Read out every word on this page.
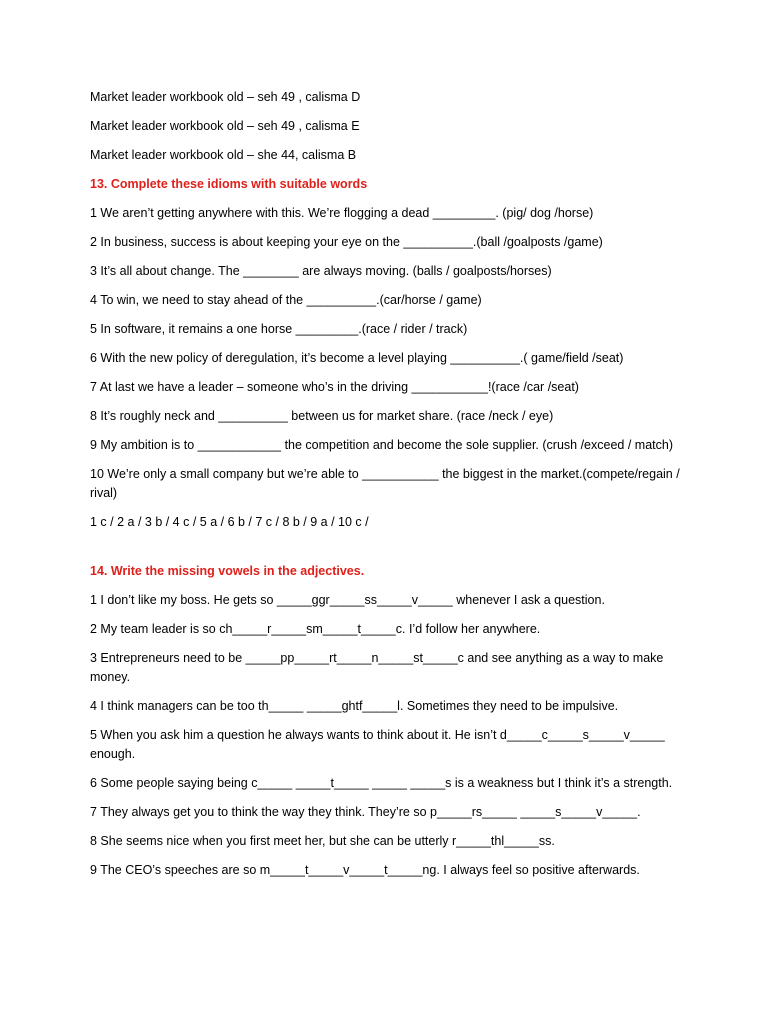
Market leader workbook old – seh 49 , calisma D

Market leader workbook old – seh 49 , calisma E

Market leader workbook old – she 44, calisma B

13. Complete these idioms with suitable words

1 We aren’t getting anywhere with this. We’re flogging a dead _________. (pig/ dog /horse)

2 In business, success is about keeping your eye on the __________.(ball /goalposts /game)

3 It’s all about change. The ________ are always moving. (balls / goalposts/horses)

4 To win, we need to stay ahead of the __________.(car/horse / game)

5 In software, it remains a one horse _________.(race / rider / track)

6 With the new policy of deregulation, it’s become a level playing __________.( game/field /seat)

7 At last we have a leader – someone who’s in the driving ___________!(race /car /seat)

8 It’s roughly neck and __________ between us for market share. (race /neck / eye)

9 My ambition is to ____________ the competition and become the sole supplier. (crush /exceed / match)

10 We’re only a small company but we’re able to ___________ the biggest in the market.(compete/regain / rival)

1 c / 2 a / 3 b / 4 c / 5 a / 6 b / 7 c / 8 b / 9 a / 10 c /

14. Write the missing vowels in the adjectives.

1 I don’t like my boss. He gets so _____ggr_____ss_____v_____ whenever I ask a question.

2 My team leader is so ch_____r_____sm_____t_____c. I’d follow her anywhere.

3 Entrepreneurs need to be _____pp_____rt_____n_____st_____c and see anything as a way to make money.

4 I think managers can be too th_____ _____ghtf_____l. Sometimes they need to be impulsive.

5 When you ask him a question he always wants to think about it. He isn’t d_____c_____s_____v_____ enough.

6 Some people saying being c_____ _____t_____ _____ _____s is a weakness but I think it’s a strength.

7 They always get you to think the way they think. They’re so p_____rs_____ _____s_____v_____.

8 She seems nice when you first meet her, but she can be utterly r_____thl_____ss.

9 The CEO’s speeches are so m_____t_____v_____t_____ng. I always feel so positive afterwards.
